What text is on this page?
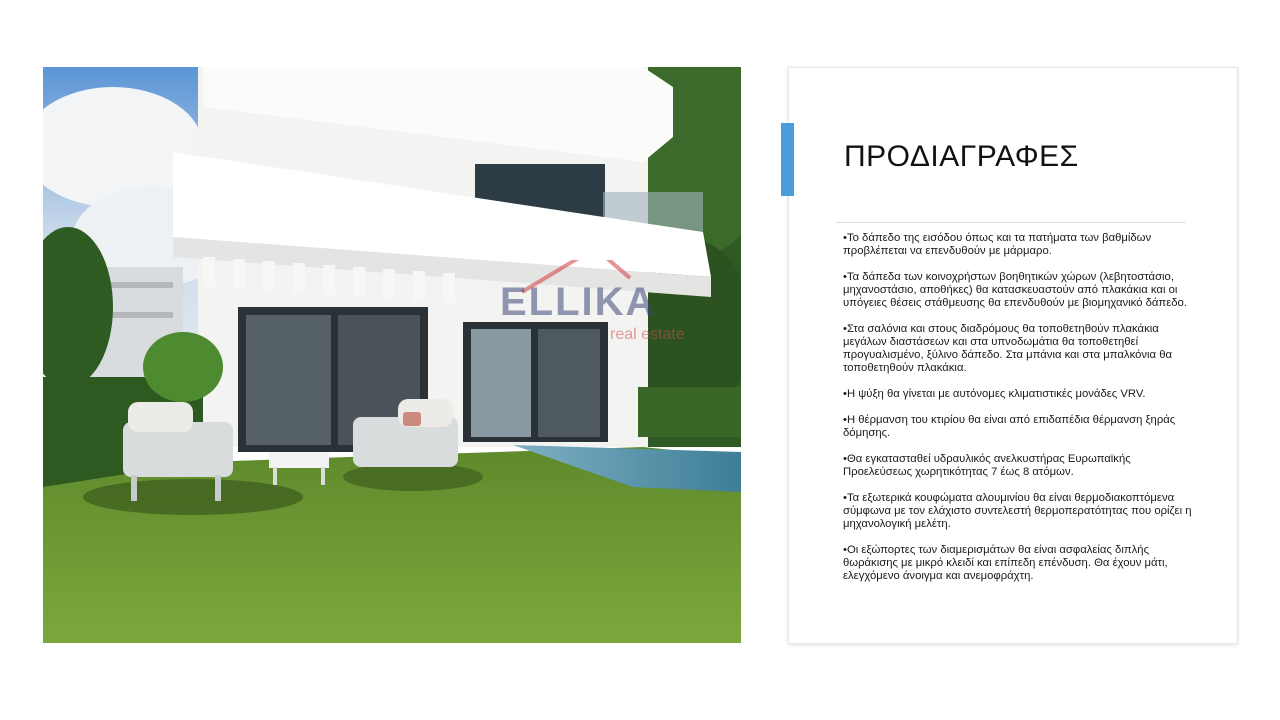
ELLIKA
real estate
ΠΡΟΔΙΑΓΡΑΦΕΣ
•Το δάπεδο της εισόδου όπως και τα πατήματα των βαθμίδων προβλέπεται να επενδυθούν με μάρμαρο.
•Τα δάπεδα των κοινοχρήστων βοηθητικών χώρων (λεβητοστάσιο, μηχανοστάσιο, αποθήκες) θα κατασκευαστούν από πλακάκια και οι υπόγειες θέσεις στάθμευσης θα επενδυθούν με βιομηχανικό δάπεδο.
•Στα σαλόνια και στους διαδρόμους θα τοποθετηθούν πλακάκια μεγάλων διαστάσεων και στα υπνοδωμάτια θα τοποθετηθεί προγυαλισμένο, ξύλινο δάπεδο. Στα μπάνια και στα μπαλκόνια θα τοποθετηθούν πλακάκια.
•Η ψύξη θα γίνεται με αυτόνομες κλιματιστικές μονάδες VRV.
•Η θέρμανση του κτιρίου θα είναι από επιδαπέδια θέρμανση ξηράς δόμησης.
•Θα εγκατασταθεί υδραυλικός ανελκυστήρας Ευρωπαϊκής Προελεύσεως χωρητικότητας 7 έως 8 ατόμων.
•Τα εξωτερικά κουφώματα αλουμινίου θα είναι θερμοδιακοπτόμενα σύμφωνα με τον ελάχιστο συντελεστή θερμοπερατότητας που ορίζει η μηχανολογική μελέτη.
•Οι εξώπορτες των διαμερισμάτων θα είναι ασφαλείας διπλής θωράκισης με μικρό κλειδί και επίπεδη επένδυση. Θα έχουν μάτι, ελεγχόμενο άνοιγμα και ανεμοφράχτη.
